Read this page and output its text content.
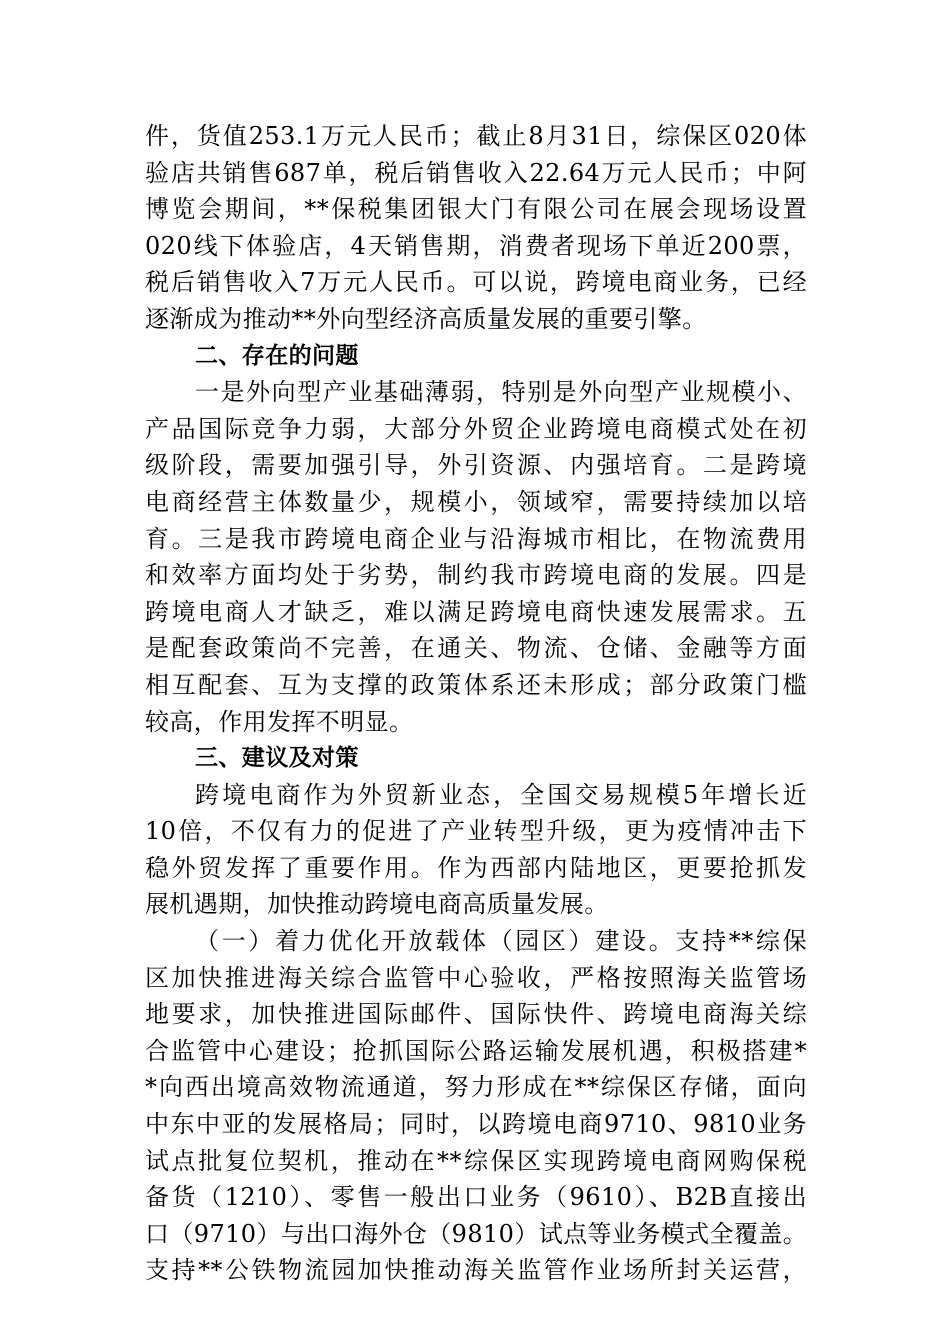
件，货值253.1万元人民币；截止8月31日，综保区020体
验店共销售687单，税后销售收入22.64万元人民币；中阿
博览会期间，**保税集团银大门有限公司在展会现场设置
020线下体验店，4天销售期，消费者现场下单近200票，
税后销售收入7万元人民币。可以说，跨境电商业务，已经
逐渐成为推动**外向型经济高质量发展的重要引擎。
二、存在的问题
一是外向型产业基础薄弱，特别是外向型产业规模小、
产品国际竞争力弱，大部分外贸企业跨境电商模式处在初
级阶段，需要加强引导，外引资源、内强培育。二是跨境
电商经营主体数量少，规模小，领域窄，需要持续加以培
育。三是我市跨境电商企业与沿海城市相比，在物流费用
和效率方面均处于劣势，制约我市跨境电商的发展。四是
跨境电商人才缺乏，难以满足跨境电商快速发展需求。五
是配套政策尚不完善，在通关、物流、仓储、金融等方面
相互配套、互为支撑的政策体系还未形成；部分政策门槛
较高，作用发挥不明显。
三、建议及对策
跨境电商作为外贸新业态，全国交易规模5年增长近
10倍，不仅有力的促进了产业转型升级，更为疫情冲击下
稳外贸发挥了重要作用。作为西部内陆地区，更要抢抓发
展机遇期，加快推动跨境电商高质量发展。
（一）着力优化开放载体（园区）建设。支持**综保
区加快推进海关综合监管中心验收，严格按照海关监管场
地要求，加快推进国际邮件、国际快件、跨境电商海关综
合监管中心建设；抢抓国际公路运输发展机遇，积极搭建*
*向西出境高效物流通道，努力形成在**综保区存储，面向
中东中亚的发展格局；同时，以跨境电商9710、9810业务
试点批复位契机，推动在**综保区实现跨境电商网购保税
备货（1210）、零售一般出口业务（9610）、B2B直接出
口（9710）与出口海外仓（9810）试点等业务模式全覆盖。
支持**公铁物流园加快推动海关监管作业场所封关运营，
